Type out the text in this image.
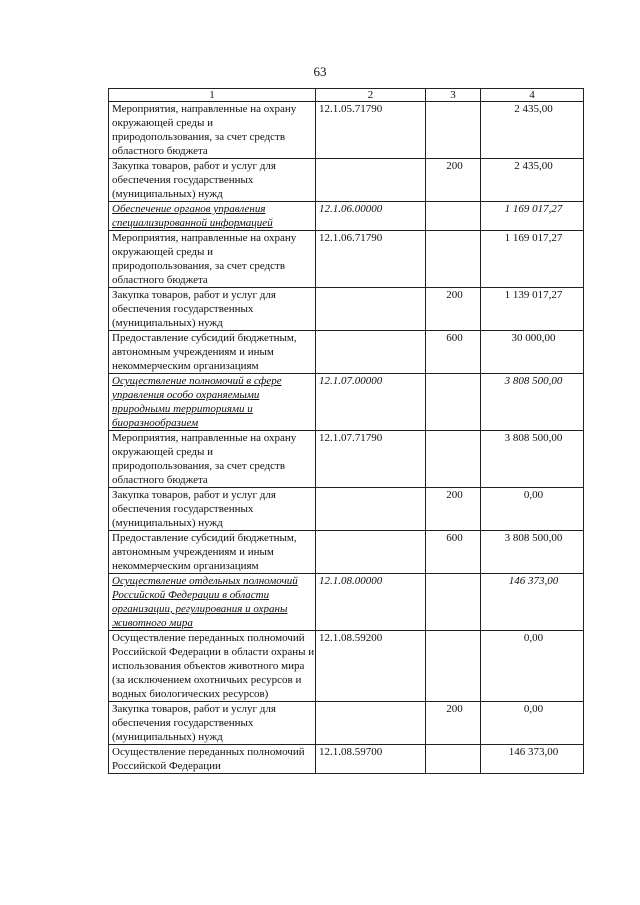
63
1	2	3	4
Мероприятия, направленные на охрану окружающей среды и природопользования, за счет средств областного бюджета	12.1.05.71790		2 435,00
Закупка товаров, работ и услуг для обеспечения государственных (муниципальных) нужд		200	2 435,00
Обеспечение органов управления специализированной информацией	12.1.06.00000		1 169 017,27
Мероприятия, направленные на охрану окружающей среды и природопользования, за счет средств областного бюджета	12.1.06.71790		1 169 017,27
Закупка товаров, работ и услуг для обеспечения государственных (муниципальных) нужд		200	1 139 017,27
Предоставление субсидий бюджетным, автономным учреждениям и иным некоммерческим организациям		600	30 000,00
Осуществление полномочий в сфере управления особо охраняемыми природными территориями и биоразнообразием	12.1.07.00000		3 808 500,00
Мероприятия, направленные на охрану окружающей среды и природопользования, за счет средств областного бюджета	12.1.07.71790		3 808 500,00
Закупка товаров, работ и услуг для обеспечения государственных (муниципальных) нужд		200	0,00
Предоставление субсидий бюджетным, автономным учреждениям и иным некоммерческим организациям		600	3 808 500,00
Осуществление отдельных полномочий Российской Федерации в области организации, регулирования и охраны животного мира	12.1.08.00000		146 373,00
Осуществление переданных полномочий Российской Федерации в области охраны и использования объектов животного мира (за исключением охотничьих ресурсов и водных биологических ресурсов)	12.1.08.59200		0,00
Закупка товаров, работ и услуг для обеспечения государственных (муниципальных) нужд		200	0,00
Осуществление переданных полномочий Российской Федерации	12.1.08.59700		146 373,00
